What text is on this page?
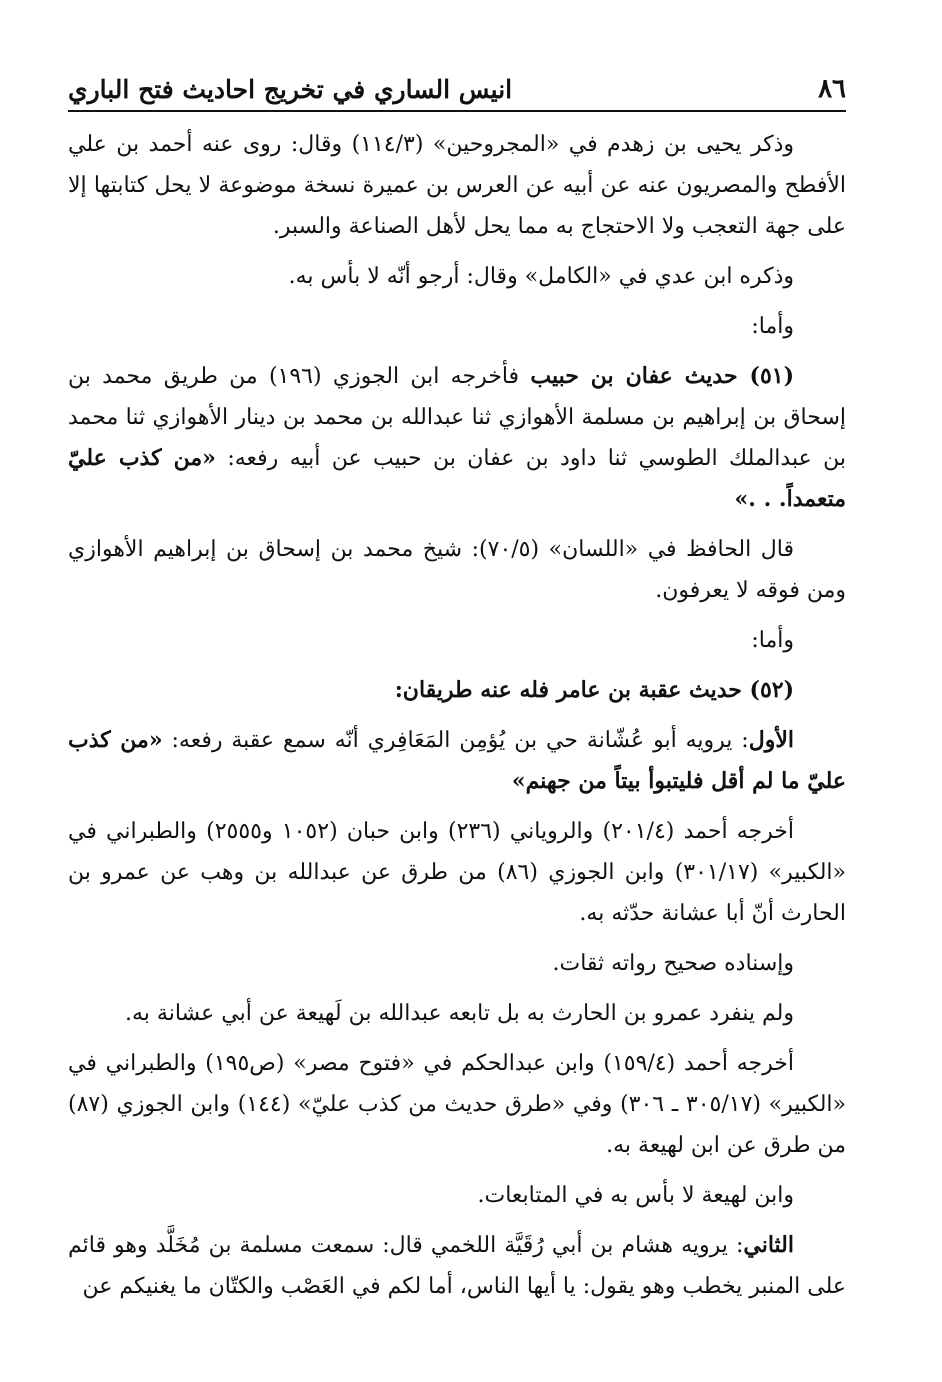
٨٦
انيس الساري في تخريج احاديث فتح الباري

وذكر يحيى بن زهدم في «المجروحين» (١١٤/٣) وقال: روى عنه أحمد بن علي الأفطح والمصريون عنه عن أبيه عن العرس بن عميرة نسخة موضوعة لا يحل كتابتها إلا على جهة التعجب ولا الاحتجاج به مما يحل لأهل الصناعة والسبر.

وذكره ابن عدي في «الكامل» وقال: أرجو أنّه لا بأس به.

وأما:

(٥١) حديث عفان بن حبيب فأخرجه ابن الجوزي (١٩٦) من طريق محمد بن إسحاق بن إبراهيم بن مسلمة الأهوازي ثنا عبدالله بن محمد بن دينار الأهوازي ثنا محمد بن عبدالملك الطوسي ثنا داود بن عفان بن حبيب عن أبيه رفعه: «من كذب عليّ متعمداً. . .»

قال الحافظ في «اللسان» (٧٠/٥): شيخ محمد بن إسحاق بن إبراهيم الأهوازي ومن فوقه لا يعرفون.

وأما:

(٥٢) حديث عقبة بن عامر فله عنه طريقان:

الأول: يرويه أبو عُشّانة حي بن يُؤمِن المَعَافِري أنّه سمع عقبة رفعه: «من كذب عليّ ما لم أقل فليتبوأ بيتاً من جهنم»

أخرجه أحمد (٢٠١/٤) والروياني (٢٣٦) وابن حبان (١٠٥٢ و٢٥٥٥) والطبراني في «الكبير» (٣٠١/١٧) وابن الجوزي (٨٦) من طرق عن عبدالله بن وهب عن عمرو بن الحارث أنّ أبا عشانة حدّثه به.

وإسناده صحيح رواته ثقات.

ولم ينفرد عمرو بن الحارث به بل تابعه عبدالله بن لَهيعة عن أبي عشانة به.

أخرجه أحمد (١٥٩/٤) وابن عبدالحكم في «فتوح مصر» (ص١٩٥) والطبراني في «الكبير» (٣٠٥/١٧ ـ ٣٠٦) وفي «طرق حديث من كذب عليّ» (١٤٤) وابن الجوزي (٨٧) من طرق عن ابن لهيعة به.

وابن لهيعة لا بأس به في المتابعات.

الثاني: يرويه هشام بن أبي رُقَيَّة اللخمي قال: سمعت مسلمة بن مُخَلَّد وهو قائم على المنبر يخطب وهو يقول: يا أيها الناس، أما لكم في العَصْب والكتّان ما يغنيكم عن
